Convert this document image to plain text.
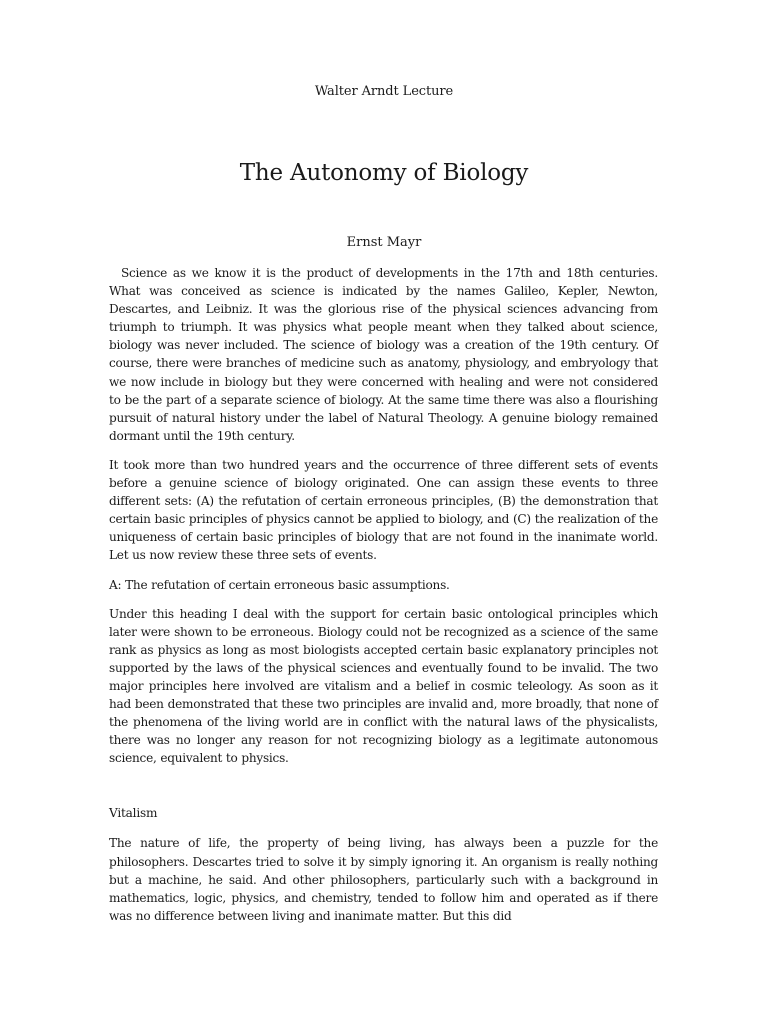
Walter Arndt Lecture
The Autonomy of Biology
Ernst Mayr

Science as we know it is the product of developments in the 17th and 18th centuries. What was conceived as science is indicated by the names Galileo, Kepler, Newton, Descartes, and Leibniz. It was the glorious rise of the physical sciences advancing from triumph to triumph. It was physics what people meant when they talked about science, biology was never included. The science of biology was a creation of the 19th century. Of course, there were branches of medicine such as anatomy, physiology, and embryology that we now include in biology but they were concerned with healing and were not considered to be the part of a separate science of biology. At the same time there was also a flourishing pursuit of natural history under the label of Natural Theology. A genuine biology remained dormant until the 19th century.

It took more than two hundred years and the occurrence of three different sets of events before a genuine science of biology originated. One can assign these events to three different sets: (A) the refutation of certain erroneous principles, (B) the demonstration that certain basic principles of physics cannot be applied to biology, and (C) the realization of the uniqueness of certain basic principles of biology that are not found in the inanimate world. Let us now review these three sets of events.

A: The refutation of certain erroneous basic assumptions.

Under this heading I deal with the support for certain basic ontological principles which later were shown to be erroneous. Biology could not be recognized as a science of the same rank as physics as long as most biologists accepted certain basic explanatory principles not supported by the laws of the physical sciences and eventually found to be invalid. The two major principles here involved are vitalism and a belief in cosmic teleology. As soon as it had been demonstrated that these two principles are invalid and, more broadly, that none of the phenomena of the living world are in conflict with the natural laws of the physicalists, there was no longer any reason for not recognizing biology as a legitimate autonomous science, equivalent to physics.

Vitalism

The nature of life, the property of being living, has always been a puzzle for the philosophers. Descartes tried to solve it by simply ignoring it. An organism is really nothing but a machine, he said. And other philosophers, particularly such with a background in mathematics, logic, physics, and chemistry, tended to follow him and operated as if there was no difference between living and inanimate matter. But this did
